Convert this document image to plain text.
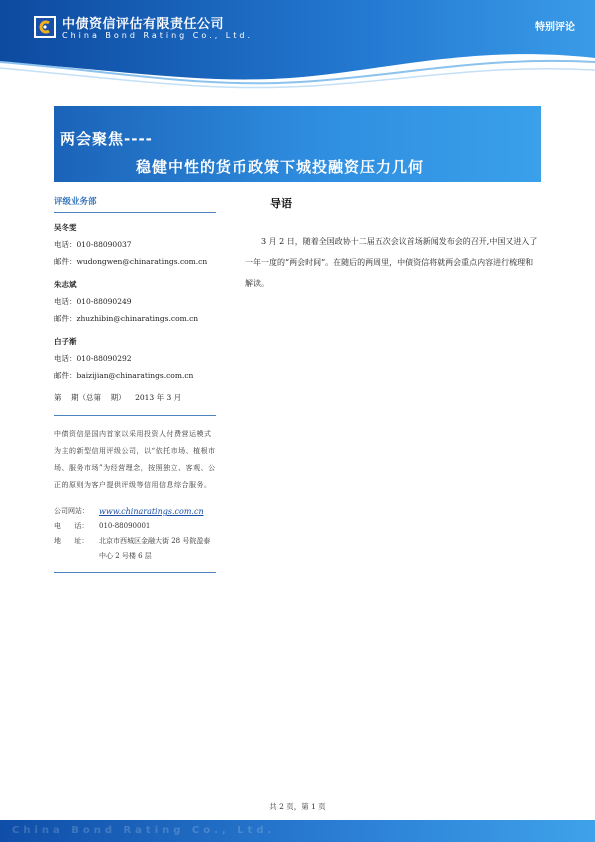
中债资信评估有限责任公司
China Bond Rating Co., Ltd.
特别评论
两会聚焦----
稳健中性的货币政策下城投融资压力几何
评级业务部
吴冬雯
电话：010-88090037
邮件：wudongwen@chinaratings.com.cn
朱志斌
电话：010-88090249
邮件：zhuzhibin@chinaratings.com.cn
白子渐
电话：010-88090292
邮件：baizijian@chinaratings.com.cn
第    期（总第    期）    2013 年 3 月
中债资信是国内首家以采用投资人付费营运模式为主的新型信用评级公司，以“依托市场、植根市场、服务市场”为经营理念，按照独立、客观、公正的原则为客户提供评级等信用信息综合服务。
公司网站：	www.chinaratings.com.cn
电      话：	010-88090001
地      址：	北京市西城区金融大街 28 号院盈泰中心 2 号楼 6 层
导语
3 月 2 日，随着全国政协十二届五次会议首场新闻发布会的召开,中国又进入了一年一度的“两会时间”。在随后的两周里，中债资信将就两会重点内容进行梳理和解读。
共 2 页，第 1 页
China Bond Rating Co., Ltd.
